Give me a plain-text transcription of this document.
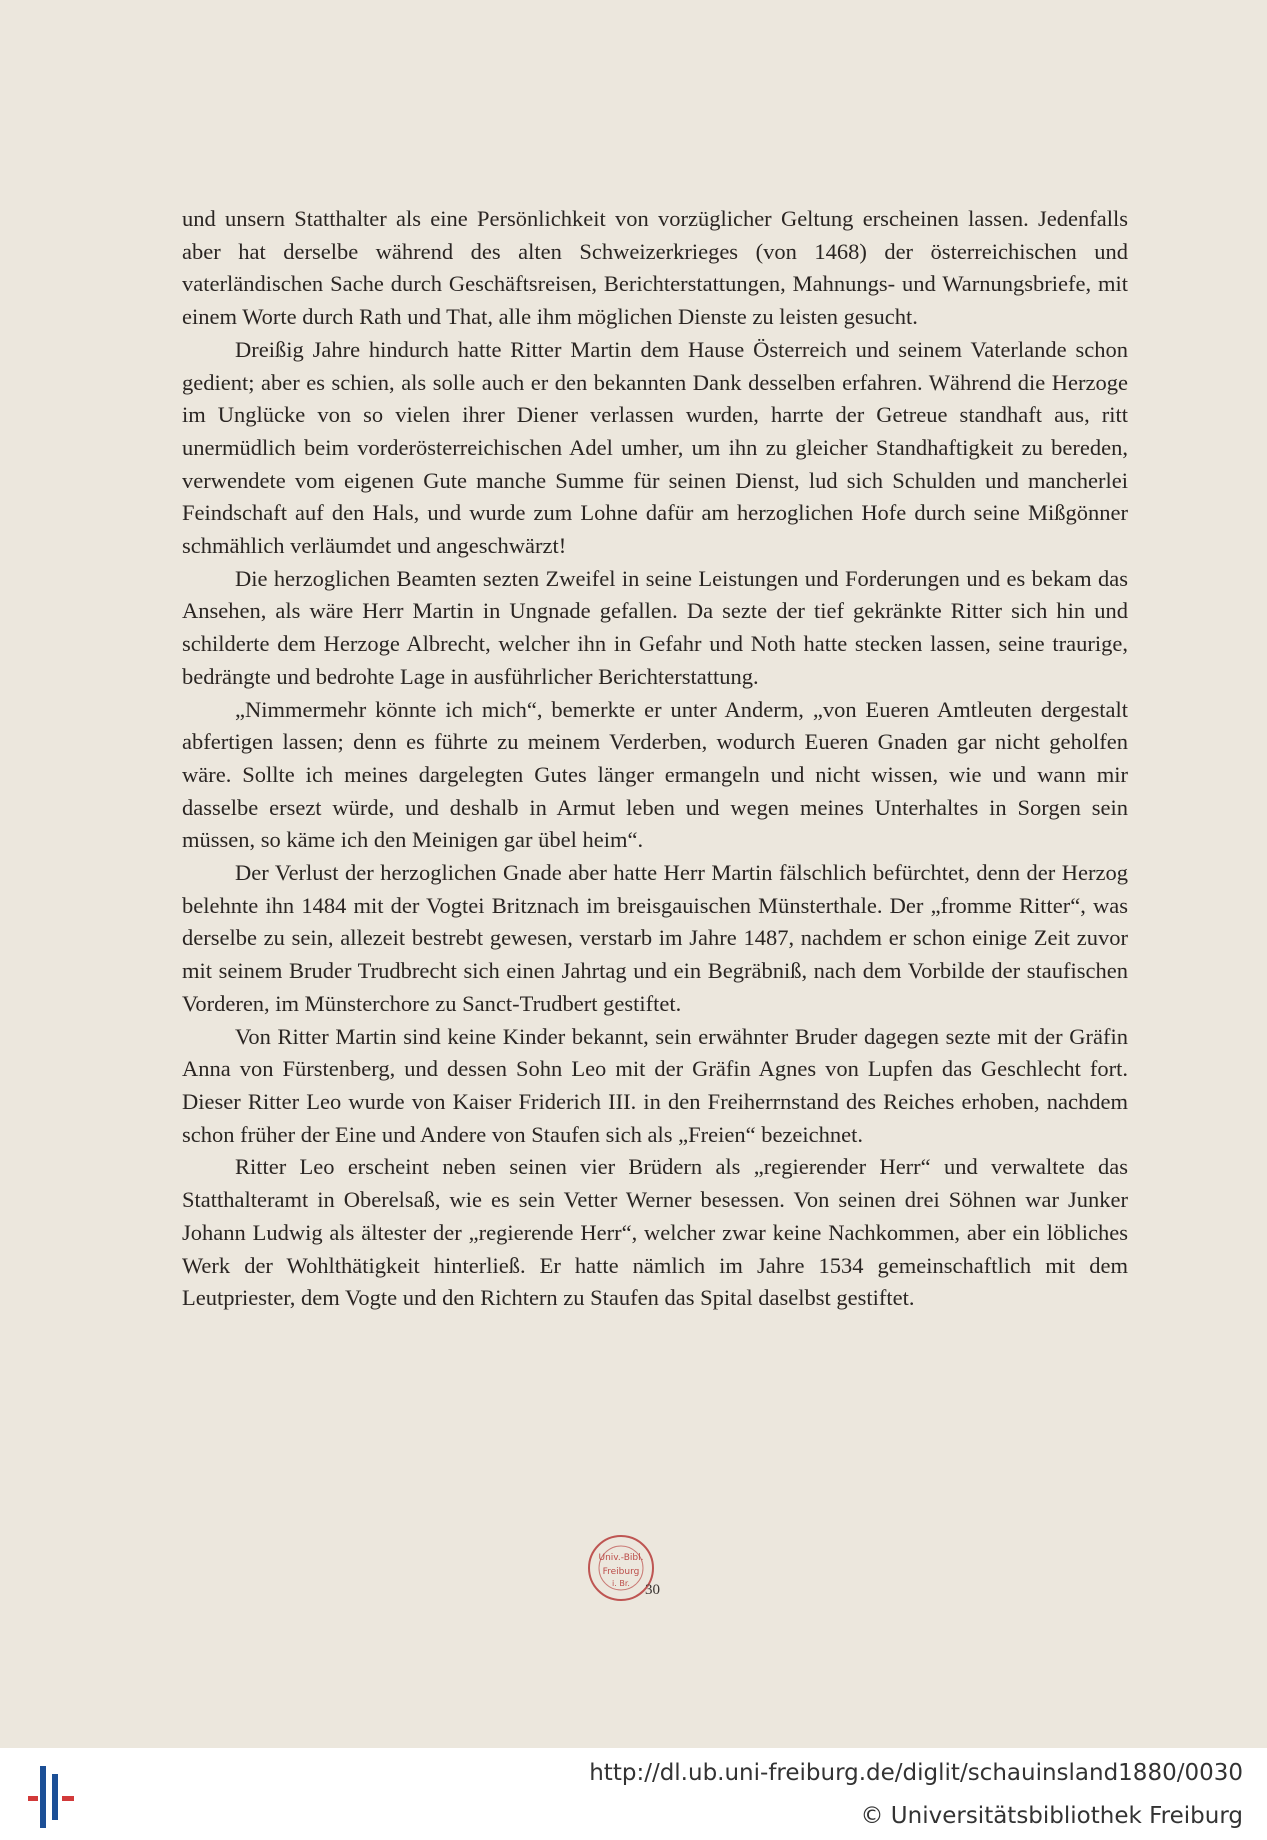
und unsern Statthalter als eine Persönlichkeit von vorzüglicher Geltung erscheinen lassen. Jedenfalls aber hat derselbe während des alten Schweizerkrieges (von 1468) der österreichischen und vaterländischen Sache durch Geschäftsreisen, Berichterstattungen, Mahnungs- und Warnungsbriefe, mit einem Worte durch Rath und That, alle ihm möglichen Dienste zu leisten gesucht.

Dreißig Jahre hindurch hatte Ritter Martin dem Hause Österreich und seinem Vaterlande schon gedient; aber es schien, als solle auch er den bekannten Dank desselben erfahren. Während die Herzoge im Unglücke von so vielen ihrer Diener verlassen wurden, harrte der Getreue standhaft aus, ritt unermüdlich beim vorderösterreichischen Adel umher, um ihn zu gleicher Standhaftigkeit zu bereden, verwendete vom eigenen Gute manche Summe für seinen Dienst, lud sich Schulden und mancherlei Feindschaft auf den Hals, und wurde zum Lohne dafür am herzoglichen Hofe durch seine Mißgönner schmählich verläumdet und angeschwärzt!

Die herzoglichen Beamten sezten Zweifel in seine Leistungen und Forderungen und es bekam das Ansehen, als wäre Herr Martin in Ungnade gefallen. Da sezte der tief gekränkte Ritter sich hin und schilderte dem Herzoge Albrecht, welcher ihn in Gefahr und Noth hatte stecken lassen, seine traurige, bedrängte und bedrohte Lage in ausführlicher Berichterstattung.

„Nimmermehr könnte ich mich“, bemerkte er unter Anderm, „von Eueren Amtleuten dergestalt abfertigen lassen; denn es führte zu meinem Verderben, wodurch Eueren Gnaden gar nicht geholfen wäre. Sollte ich meines dargelegten Gutes länger ermangeln und nicht wissen, wie und wann mir dasselbe ersezt würde, und deshalb in Armut leben und wegen meines Unterhaltes in Sorgen sein müssen, so käme ich den Meinigen gar übel heim“.

Der Verlust der herzoglichen Gnade aber hatte Herr Martin fälschlich befürchtet, denn der Herzog belehnte ihn 1484 mit der Vogtei Britznach im breisgauischen Münsterthale. Der „fromme Ritter“, was derselbe zu sein, allezeit bestrebt gewesen, verstarb im Jahre 1487, nachdem er schon einige Zeit zuvor mit seinem Bruder Trudbrecht sich einen Jahrtag und ein Begräbniß, nach dem Vorbilde der staufischen Vorderen, im Münsterchore zu Sanct-Trudbert gestiftet.

Von Ritter Martin sind keine Kinder bekannt, sein erwähnter Bruder dagegen sezte mit der Gräfin Anna von Fürstenberg, und dessen Sohn Leo mit der Gräfin Agnes von Lupfen das Geschlecht fort. Dieser Ritter Leo wurde von Kaiser Friderich III. in den Freiherrnstand des Reiches erhoben, nachdem schon früher der Eine und Andere von Staufen sich als „Freien“ bezeichnet.

Ritter Leo erscheint neben seinen vier Brüdern als „regierender Herr“ und verwaltete das Statthalteramt in Oberelsaß, wie es sein Vetter Werner besessen. Von seinen drei Söhnen war Junker Johann Ludwig als ältester der „regierende Herr“, welcher zwar keine Nachkommen, aber ein löbliches Werk der Wohlthätigkeit hinterließ. Er hatte nämlich im Jahre 1534 gemeinschaftlich mit dem Leutpriester, dem Vogte und den Richtern zu Staufen das Spital daselbst gestiftet.

Univ.-Bibl.
Freiburg
i. Br. 30
http://dl.ub.uni-freiburg.de/diglit/schauinsland1880/0030
© Universitätsbibliothek Freiburg
